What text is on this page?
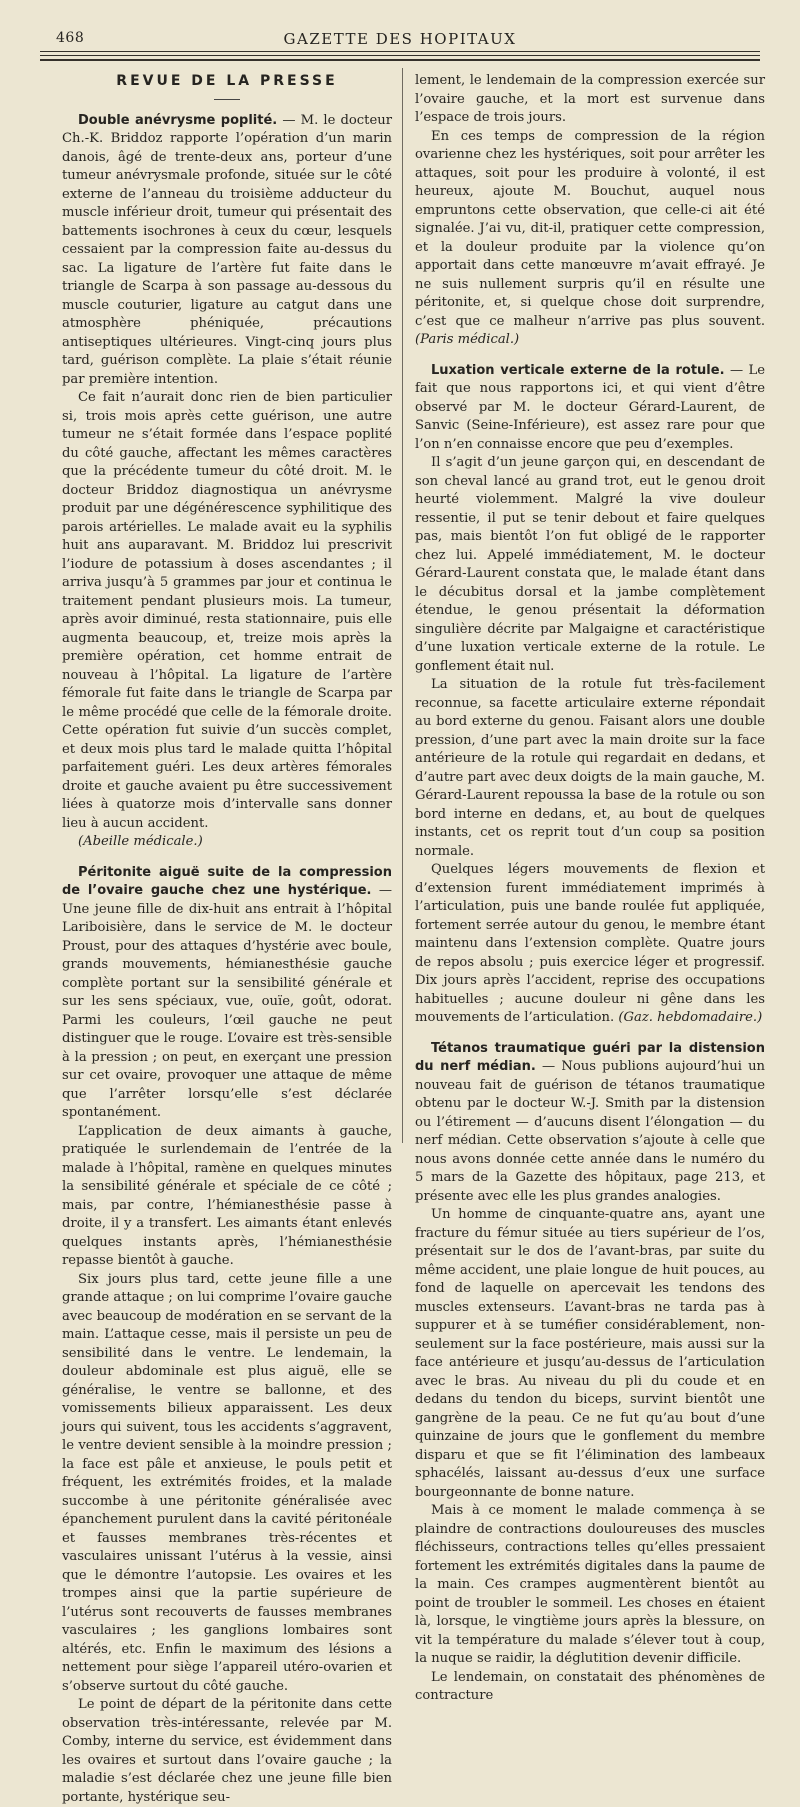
468	GAZETTE DES HOPITAUX
REVUE DE LA PRESSE

Double anévrysme poplité. — M. le docteur Ch.-K. Briddoz rapporte l’opération d’un marin danois, âgé de trente-deux ans, porteur d’une tumeur anévrysmale profonde, située sur le côté externe de l’anneau du troisième adducteur du muscle inférieur droit, tumeur qui présentait des battements isochrones à ceux du cœur, lesquels cessaient par la compression faite au-dessus du sac. La ligature de l’artère fut faite dans le triangle de Scarpa à son passage au-dessous du muscle couturier, ligature au catgut dans une atmosphère phéniquée, précautions antiseptiques ultérieures. Vingt-cinq jours plus tard, guérison complète. La plaie s’était réunie par première intention.

Ce fait n’aurait donc rien de bien particulier si, trois mois après cette guérison, une autre tumeur ne s’était formée dans l’espace poplité du côté gauche, affectant les mêmes caractères que la précédente tumeur du côté droit. M. le docteur Briddoz diagnostiqua un anévrysme produit par une dégénérescence syphilitique des parois artérielles. Le malade avait eu la syphilis huit ans auparavant. M. Briddoz lui prescrivit l’iodure de potassium à doses ascendantes ; il arriva jusqu’à 5 grammes par jour et continua le traitement pendant plusieurs mois. La tumeur, après avoir diminué, resta stationnaire, puis elle augmenta beaucoup, et, treize mois après la première opération, cet homme entrait de nouveau à l’hôpital. La ligature de l’artère fémorale fut faite dans le triangle de Scarpa par le même procédé que celle de la fémorale droite. Cette opération fut suivie d’un succès complet, et deux mois plus tard le malade quitta l’hôpital parfaitement guéri. Les deux artères fémorales droite et gauche avaient pu être successivement liées à quatorze mois d’intervalle sans donner lieu à aucun accident.

(Abeille médicale.)

Péritonite aiguë suite de la compression de l’ovaire gauche chez une hystérique. — Une jeune fille de dix-huit ans entrait à l’hôpital Lariboisière, dans le service de M. le docteur Proust, pour des attaques d’hystérie avec boule, grands mouvements, hémianesthésie gauche complète portant sur la sensibilité générale et sur les sens spéciaux, vue, ouïe, goût, odorat. Parmi les couleurs, l’œil gauche ne peut distinguer que le rouge. L’ovaire est très-sensible à la pression ; on peut, en exerçant une pression sur cet ovaire, provoquer une attaque de même que l’arrêter lorsqu’elle s’est déclarée spontanément.

L’application de deux aimants à gauche, pratiquée le surlendemain de l’entrée de la malade à l’hôpital, ramène en quelques minutes la sensibilité générale et spéciale de ce côté ; mais, par contre, l’hémianesthésie passe à droite, il y a transfert. Les aimants étant enlevés quelques instants après, l’hémianesthésie repasse bientôt à gauche.

Six jours plus tard, cette jeune fille a une grande attaque ; on lui comprime l’ovaire gauche avec beaucoup de modération en se servant de la main. L’attaque cesse, mais il persiste un peu de sensibilité dans le ventre. Le lendemain, la douleur abdominale est plus aiguë, elle se généralise, le ventre se ballonne, et des vomissements bilieux apparaissent. Les deux jours qui suivent, tous les accidents s’aggravent, le ventre devient sensible à la moindre pression ; la face est pâle et anxieuse, le pouls petit et fréquent, les extrémités froides, et la malade succombe à une péritonite généralisée avec épanchement purulent dans la cavité péritonéale et fausses membranes très-récentes et vasculaires unissant l’utérus à la vessie, ainsi que le démontre l’autopsie. Les ovaires et les trompes ainsi que la partie supérieure de l’utérus sont recouverts de fausses membranes vasculaires ; les ganglions lombaires sont altérés, etc. Enfin le maximum des lésions a nettement pour siège l’appareil utéro-ovarien et s’observe surtout du côté gauche.

Le point de départ de la péritonite dans cette observation très-intéressante, relevée par M. Comby, interne du service, est évidemment dans les ovaires et surtout dans l’ovaire gauche ; la maladie s’est déclarée chez une jeune fille bien portante, hystérique seu-

lement, le lendemain de la compression exercée sur l’ovaire gauche, et la mort est survenue dans l’espace de trois jours.

En ces temps de compression de la région ovarienne chez les hystériques, soit pour arrêter les attaques, soit pour les produire à volonté, il est heureux, ajoute M. Bouchut, auquel nous empruntons cette observation, que celle-ci ait été signalée. J’ai vu, dit-il, pratiquer cette compression, et la douleur produite par la violence qu’on apportait dans cette manœuvre m’avait effrayé. Je ne suis nullement surpris qu’il en résulte une péritonite, et, si quelque chose doit surprendre, c’est que ce malheur n’arrive pas plus souvent. (Paris médical.)

Luxation verticale externe de la rotule. — Le fait que nous rapportons ici, et qui vient d’être observé par M. le docteur Gérard-Laurent, de Sanvic (Seine-Inférieure), est assez rare pour que l’on n’en connaisse encore que peu d’exemples.

Il s’agit d’un jeune garçon qui, en descendant de son cheval lancé au grand trot, eut le genou droit heurté violemment. Malgré la vive douleur ressentie, il put se tenir debout et faire quelques pas, mais bientôt l’on fut obligé de le rapporter chez lui. Appelé immédiatement, M. le docteur Gérard-Laurent constata que, le malade étant dans le décubitus dorsal et la jambe complètement étendue, le genou présentait la déformation singulière décrite par Malgaigne et caractéristique d’une luxation verticale externe de la rotule. Le gonflement était nul.

La situation de la rotule fut très-facilement reconnue, sa facette articulaire externe répondait au bord externe du genou. Faisant alors une double pression, d’une part avec la main droite sur la face antérieure de la rotule qui regardait en dedans, et d’autre part avec deux doigts de la main gauche, M. Gérard-Laurent repoussa la base de la rotule ou son bord interne en dedans, et, au bout de quelques instants, cet os reprit tout d’un coup sa position normale.

Quelques légers mouvements de flexion et d’extension furent immédiatement imprimés à l’articulation, puis une bande roulée fut appliquée, fortement serrée autour du genou, le membre étant maintenu dans l’extension complète. Quatre jours de repos absolu ; puis exercice léger et progressif. Dix jours après l’accident, reprise des occupations habituelles ; aucune douleur ni gêne dans les mouvements de l’articulation. (Gaz. hebdomadaire.)

Tétanos traumatique guéri par la distension du nerf médian. — Nous publions aujourd’hui un nouveau fait de guérison de tétanos traumatique obtenu par le docteur W.-J. Smith par la distension ou l’étirement — d’aucuns disent l’élongation — du nerf médian. Cette observation s’ajoute à celle que nous avons donnée cette année dans le numéro du 5 mars de la Gazette des hôpitaux, page 213, et présente avec elle les plus grandes analogies.

Un homme de cinquante-quatre ans, ayant une fracture du fémur située au tiers supérieur de l’os, présentait sur le dos de l’avant-bras, par suite du même accident, une plaie longue de huit pouces, au fond de laquelle on apercevait les tendons des muscles extenseurs. L’avant-bras ne tarda pas à suppurer et à se tuméfier considérablement, non-seulement sur la face postérieure, mais aussi sur la face antérieure et jusqu’au-dessus de l’articulation avec le bras. Au niveau du pli du coude et en dedans du tendon du biceps, survint bientôt une gangrène de la peau. Ce ne fut qu’au bout d’une quinzaine de jours que le gonflement du membre disparu et que se fit l’élimination des lambeaux sphacélés, laissant au-dessus d’eux une surface bourgeonnante de bonne nature.

Mais à ce moment le malade commença à se plaindre de contractions douloureuses des muscles fléchisseurs, contractions telles qu’elles pressaient fortement les extrémités digitales dans la paume de la main. Ces crampes augmentèrent bientôt au point de troubler le sommeil. Les choses en étaient là, lorsque, le vingtième jours après la blessure, on vit la température du malade s’élever tout à coup, la nuque se raidir, la déglutition devenir difficile.

Le lendemain, on constatait des phénomènes de contracture
